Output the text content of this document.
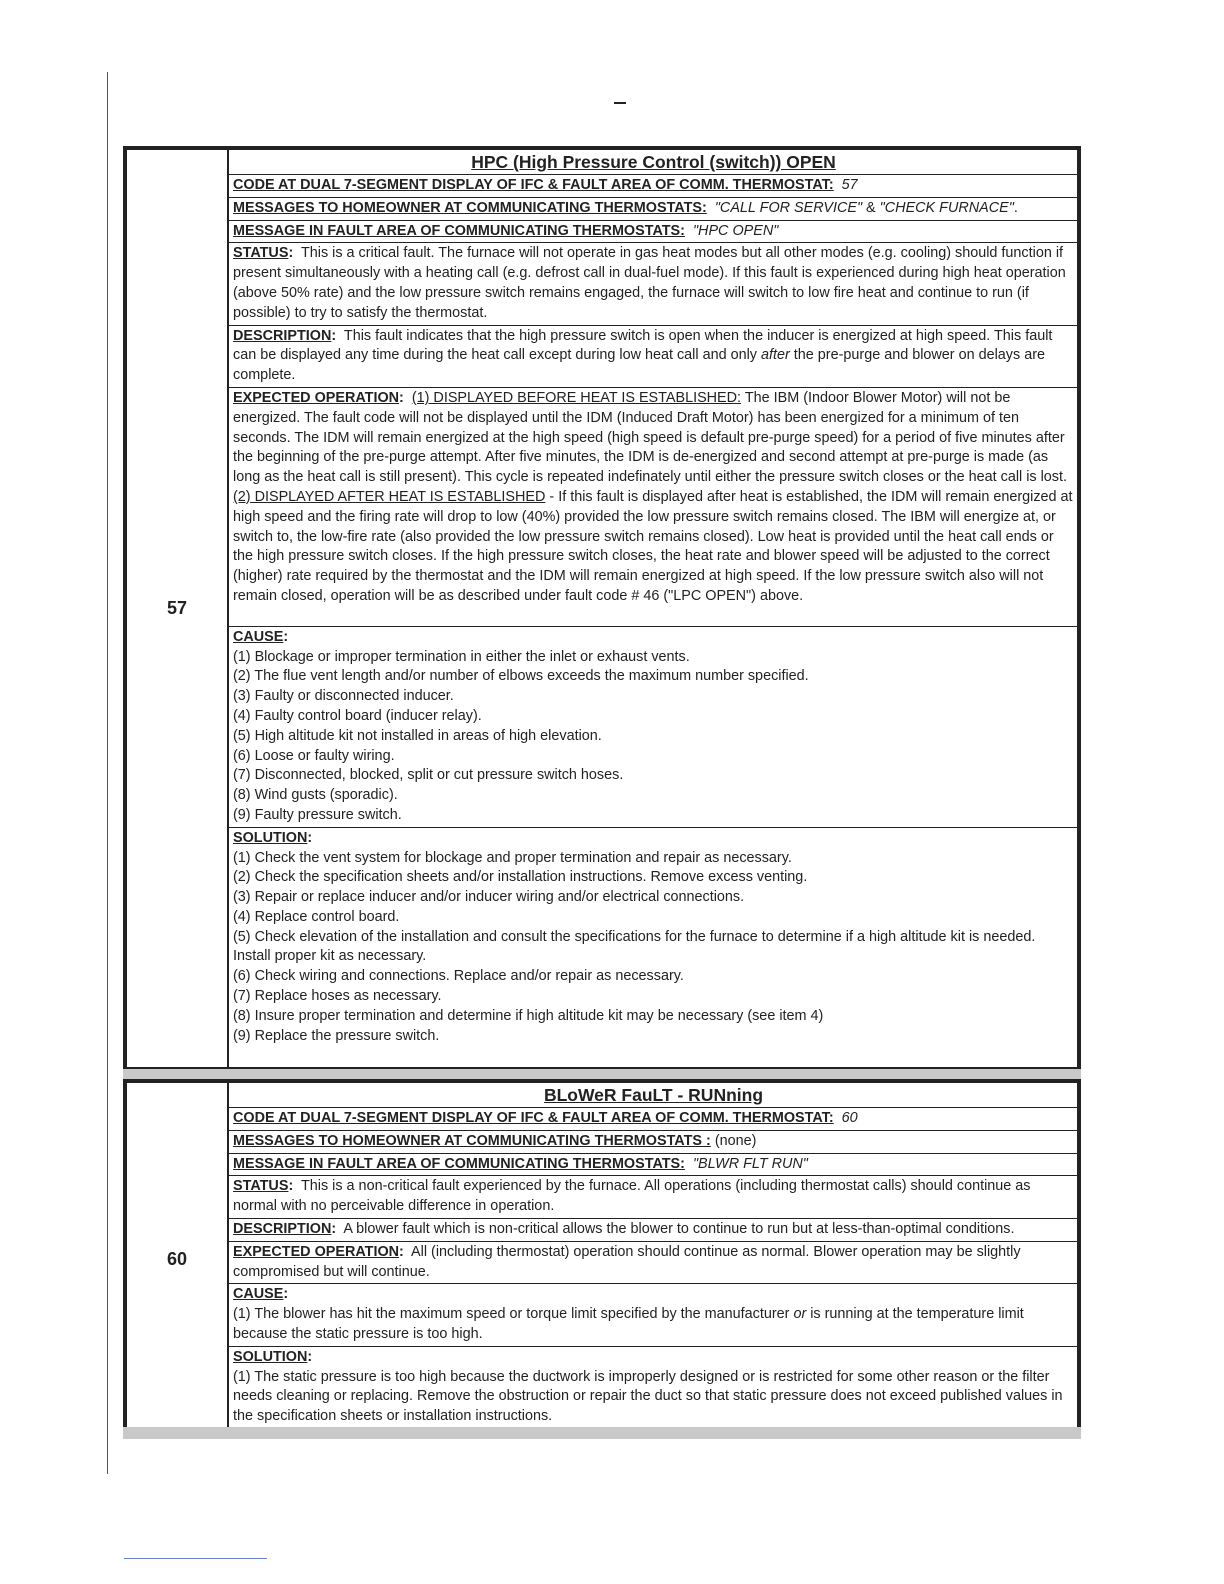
57
HPC (High Pressure Control (switch)) OPEN
CODE AT DUAL 7-SEGMENT DISPLAY OF IFC & FAULT AREA OF COMM. THERMOSTAT: 57
MESSAGES TO HOMEOWNER AT COMMUNICATING THERMOSTATS: "CALL FOR SERVICE" & "CHECK FURNACE".
MESSAGE IN FAULT AREA OF COMMUNICATING THERMOSTATS: "HPC OPEN"
STATUS: This is a critical fault. The furnace will not operate in gas heat modes but all other modes (e.g. cooling) should function if present simultaneously with a heating call (e.g. defrost call in dual-fuel mode). If this fault is experienced during high heat operation (above 50% rate) and the low pressure switch remains engaged, the furnace will switch to low fire heat and continue to run (if possible) to try to satisfy the thermostat.
DESCRIPTION: This fault indicates that the high pressure switch is open when the inducer is energized at high speed. This fault can be displayed any time during the heat call except during low heat call and only after the pre-purge and blower on delays are complete.
EXPECTED OPERATION: (1) DISPLAYED BEFORE HEAT IS ESTABLISHED: The IBM (Indoor Blower Motor) will not be energized. The fault code will not be displayed until the IDM (Induced Draft Motor) has been energized for a minimum of ten seconds. The IDM will remain energized at the high speed (high speed is default pre-purge speed) for a period of five minutes after the beginning of the pre-purge attempt. After five minutes, the IDM is de-energized and second attempt at pre-purge is made (as long as the heat call is still present). This cycle is repeated indefinately until either the pressure switch closes or the heat call is lost. (2) DISPLAYED AFTER HEAT IS ESTABLISHED - If this fault is displayed after heat is established, the IDM will remain energized at high speed and the firing rate will drop to low (40%) provided the low pressure switch remains closed. The IBM will energize at, or switch to, the low-fire rate (also provided the low pressure switch remains closed). Low heat is provided until the heat call ends or the high pressure switch closes. If the high pressure switch closes, the heat rate and blower speed will be adjusted to the correct (higher) rate required by the thermostat and the IDM will remain energized at high speed. If the low pressure switch also will not remain closed, operation will be as described under fault code # 46 ("LPC OPEN") above.
CAUSE:
(1) Blockage or improper termination in either the inlet or exhaust vents.
(2) The flue vent length and/or number of elbows exceeds the maximum number specified.
(3) Faulty or disconnected inducer.
(4) Faulty control board (inducer relay).
(5) High altitude kit not installed in areas of high elevation.
(6) Loose or faulty wiring.
(7) Disconnected, blocked, split or cut pressure switch hoses.
(8) Wind gusts (sporadic).
(9) Faulty pressure switch.
SOLUTION:
(1) Check the vent system for blockage and proper termination and repair as necessary.
(2) Check the specification sheets and/or installation instructions. Remove excess venting.
(3) Repair or replace inducer and/or inducer wiring and/or electrical connections.
(4) Replace control board.
(5) Check elevation of the installation and consult the specifications for the furnace to determine if a high altitude kit is needed. Install proper kit as necessary.
(6) Check wiring and connections. Replace and/or repair as necessary.
(7) Replace hoses as necessary.
(8) Insure proper termination and determine if high altitude kit may be necessary (see item 4)
(9) Replace the pressure switch.
60
BLoWeR FauLT - RUNning
CODE AT DUAL 7-SEGMENT DISPLAY OF IFC & FAULT AREA OF COMM. THERMOSTAT: 60
MESSAGES TO HOMEOWNER AT COMMUNICATING THERMOSTATS : (none)
MESSAGE IN FAULT AREA OF COMMUNICATING THERMOSTATS: "BLWR FLT RUN"
STATUS: This is a non-critical fault experienced by the furnace. All operations (including thermostat calls) should continue as normal with no perceivable difference in operation.
DESCRIPTION: A blower fault which is non-critical allows the blower to continue to run but at less-than-optimal conditions.
EXPECTED OPERATION: All (including thermostat) operation should continue as normal. Blower operation may be slightly compromised but will continue.
CAUSE:
(1) The blower has hit the maximum speed or torque limit specified by the manufacturer or is running at the temperature limit because the static pressure is too high.
SOLUTION:
(1) The static pressure is too high because the ductwork is improperly designed or is restricted for some other reason or the filter needs cleaning or replacing. Remove the obstruction or repair the duct so that static pressure does not exceed published values in the specification sheets or installation instructions.
